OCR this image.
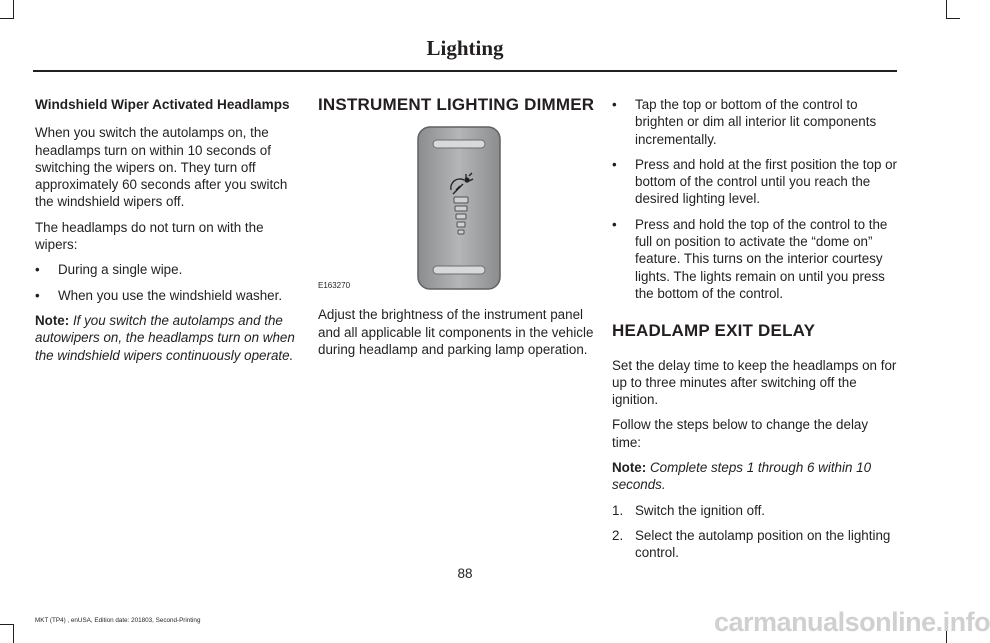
Lighting
Windshield Wiper Activated Headlamps

When you switch the autolamps on, the headlamps turn on within 10 seconds of switching the wipers on. They turn off approximately 60 seconds after you switch the windshield wipers off.

The headlamps do not turn on with the wipers:

•	During a single wipe.
•	When you use the windshield washer.

Note: If you switch the autolamps and the autowipers on, the headlamps turn on when the windshield wipers continuously operate.

INSTRUMENT LIGHTING DIMMER
E163270

Adjust the brightness of the instrument panel and all applicable lit components in the vehicle during headlamp and parking lamp operation.

•	Tap the top or bottom of the control to brighten or dim all interior lit components incrementally.
•	Press and hold at the first position the top or bottom of the control until you reach the desired lighting level.
•	Press and hold the top of the control to the full on position to activate the “dome on” feature. This turns on the interior courtesy lights. The lights remain on until you press the bottom of the control.
HEADLAMP EXIT DELAY

Set the delay time to keep the headlamps on for up to three minutes after switching off the ignition.

Follow the steps below to change the delay time:

Note: Complete steps 1 through 6 within 10 seconds.

1. Switch the ignition off.
2. Select the autolamp position on the lighting control.
88
MKT (TP4) , enUSA, Edition date: 201803, Second-Printing	carmanualsonline.info
